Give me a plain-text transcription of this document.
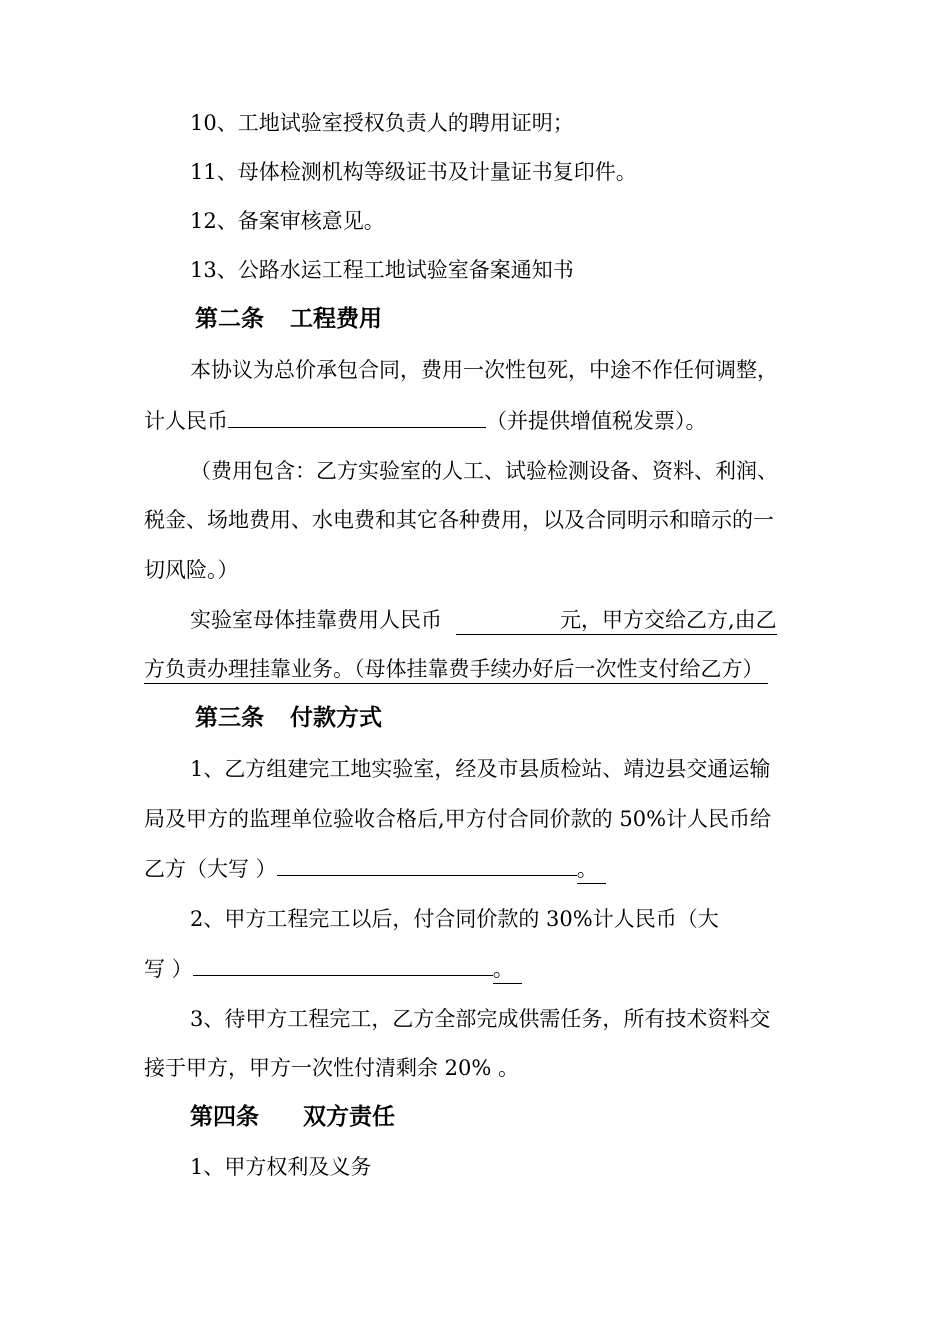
10、工地试验室授权负责人的聘用证明；
11、母体检测机构等级证书及计量证书复印件。
12、备案审核意见。
13、公路水运工程工地试验室备案通知书
第二条 工程费用
本协议为总价承包合同，费用一次性包死，中途不作任何调整，
计人民币	（并提供增值税发票）。
（费用包含：乙方实验室的人工、试验检测设备、资料、利润、
税金、场地费用、水电费和其它各种费用，以及合同明示和暗示的一
切风险。）
实验室母体挂靠费用人民币	元，甲方交给乙方,由乙
方负责办理挂靠业务。（母体挂靠费手续办好后一次性支付给乙方）
第三条 付款方式
1、乙方组建完工地实验室，经及市县质检站、靖边县交通运输
局及甲方的监理单位验收合格后,甲方付合同价款的 50%计人民币给
乙方（大写 ）	。
2、甲方工程完工以后，付合同价款的 30%计人民币（大
写 ）	。
3、待甲方工程完工，乙方全部完成供需任务，所有技术资料交
接于甲方，甲方一次性付清剩余 20% 。
第四条 双方责任
1、甲方权利及义务
